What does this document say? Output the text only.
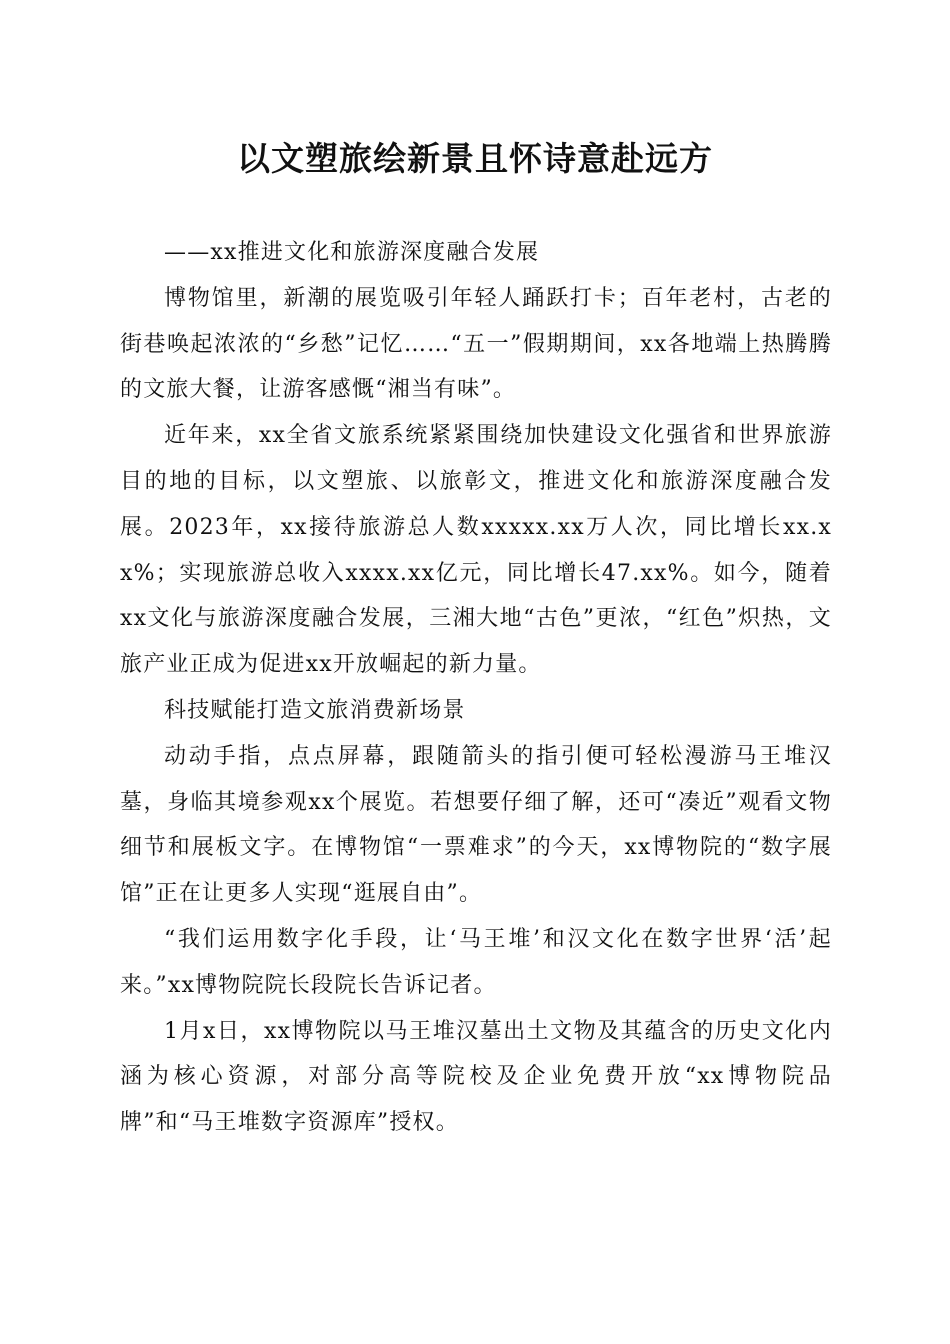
以文塑旅绘新景且怀诗意赴远方

——xx推进文化和旅游深度融合发展

博物馆里，新潮的展览吸引年轻人踊跃打卡；百年老村，古老的街巷唤起浓浓的“乡愁”记忆……“五一”假期期间，xx各地端上热腾腾的文旅大餐，让游客感慨“湘当有味”。

近年来，xx全省文旅系统紧紧围绕加快建设文化强省和世界旅游目的地的目标，以文塑旅、以旅彰文，推进文化和旅游深度融合发展。2023年，xx接待旅游总人数xxxxx.xx万人次，同比增长xx.xx%；实现旅游总收入xxxx.xx亿元，同比增长47.xx%。如今，随着xx文化与旅游深度融合发展，三湘大地“古色”更浓，“红色”炽热，文旅产业正成为促进xx开放崛起的新力量。

科技赋能打造文旅消费新场景

动动手指，点点屏幕，跟随箭头的指引便可轻松漫游马王堆汉墓，身临其境参观xx个展览。若想要仔细了解，还可“凑近”观看文物细节和展板文字。在博物馆“一票难求”的今天，xx博物院的“数字展馆”正在让更多人实现“逛展自由”。

“我们运用数字化手段，让‘马王堆’和汉文化在数字世界‘活’起来。”xx博物院院长段院长告诉记者。

1月x日，xx博物院以马王堆汉墓出土文物及其蕴含的历史文化内涵为核心资源，对部分高等院校及企业免费开放“xx博物院品牌”和“马王堆数字资源库”授权。
